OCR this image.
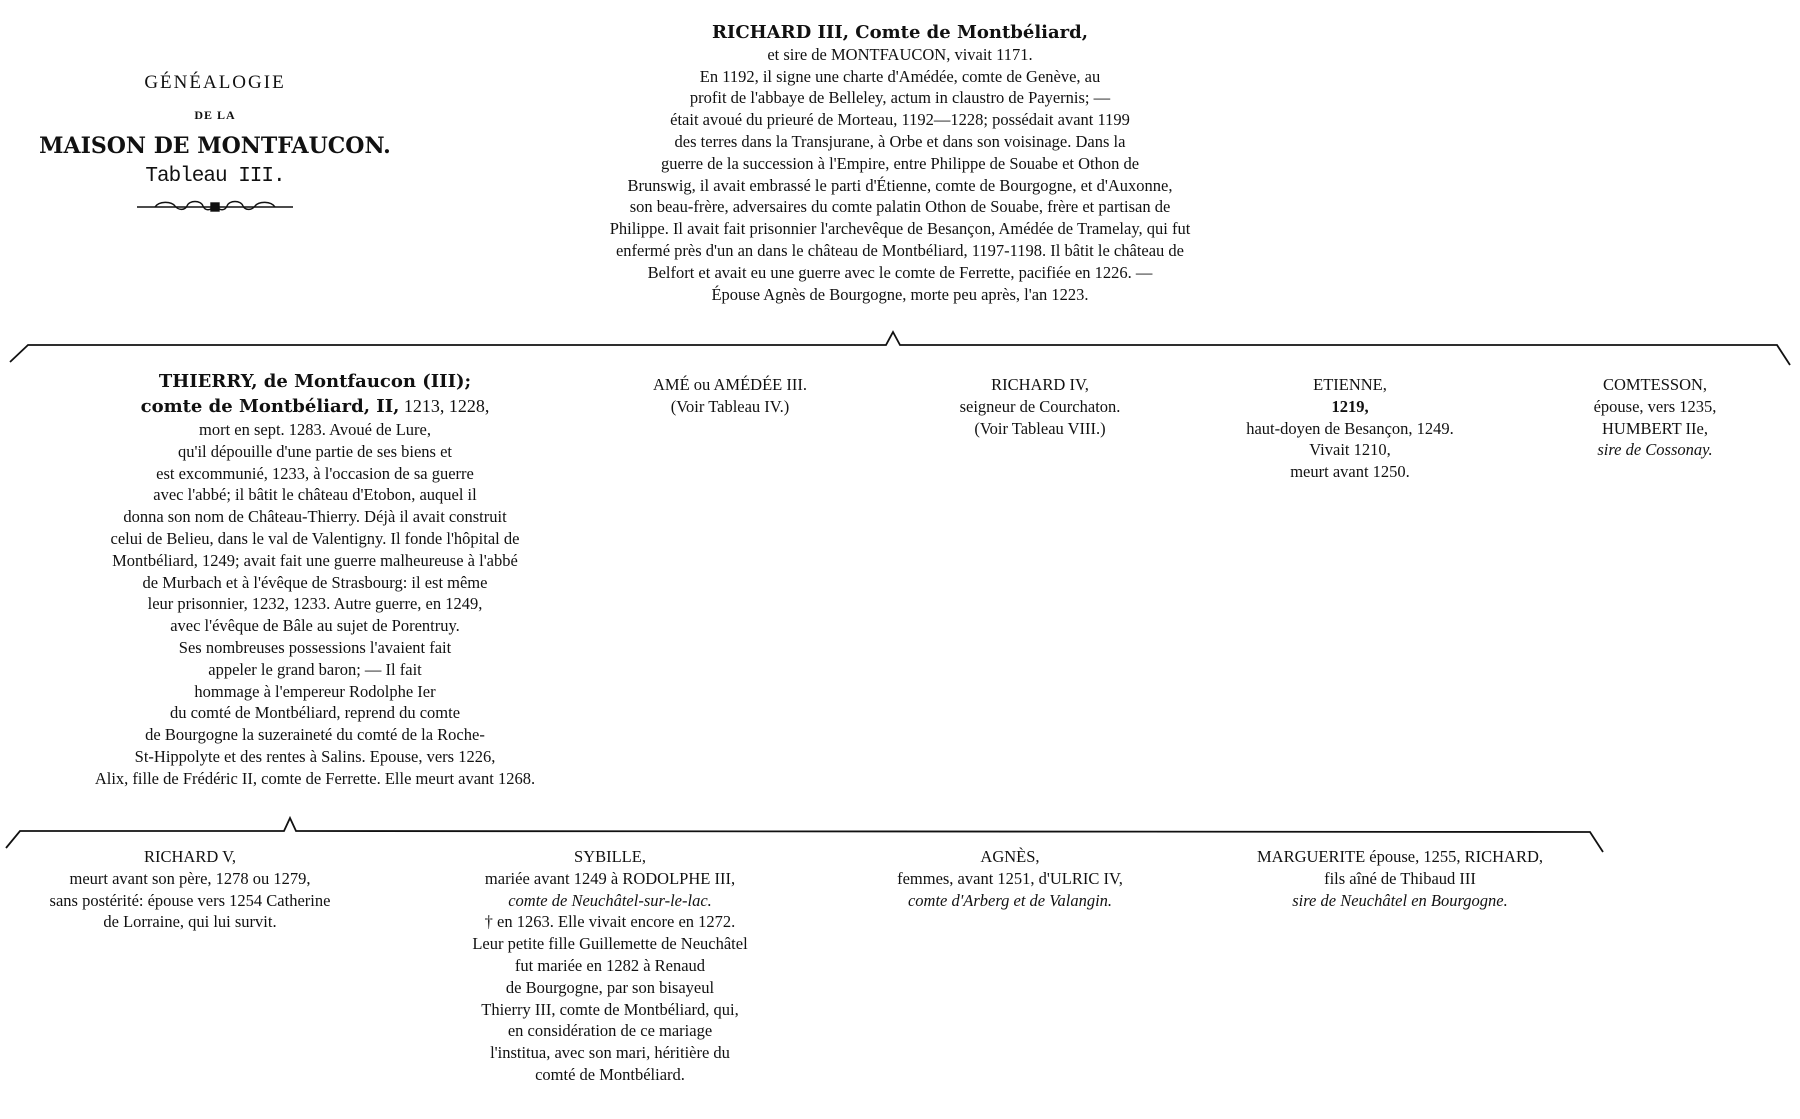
GÉNÉALOGIE
DE LA
MAISON DE MONTFAUCON.
Tableau III.
RICHARD III, Comte de Montbéliard,
et sire de MONTFAUCON, vivait 1171.
En 1192, il signe une charte d'Amédée, comte de Genève, au
profit de l'abbaye de Belleley, actum in claustro de Payernis; —
était avoué du prieuré de Morteau, 1192—1228; possédait avant 1199
des terres dans la Transjurane, à Orbe et dans son voisinage. Dans la
guerre de la succession à l'Empire, entre Philippe de Souabe et Othon de
Brunswig, il avait embrassé le parti d'Étienne, comte de Bourgogne, et d'Auxonne,
son beau-frère, adversaires du comte palatin Othon de Souabe, frère et partisan de
Philippe. Il avait fait prisonnier l'archevêque de Besançon, Amédée de Tramelay, qui fut
enfermé près d'un an dans le château de Montbéliard, 1197-1198. Il bâtit le château de
Belfort et avait eu une guerre avec le comte de Ferrette, pacifiée en 1226. —
Épouse Agnès de Bourgogne, morte peu après, l'an 1223.
THIERRY, de Montfaucon (III);
comte de Montbéliard, II, 1213, 1228,
mort en sept. 1283. Avoué de Lure,
qu'il dépouille d'une partie de ses biens et
est excommunié, 1233, à l'occasion de sa guerre
avec l'abbé; il bâtit le château d'Etobon, auquel il
donna son nom de Château-Thierry. Déjà il avait construit
celui de Belieu, dans le val de Valentigny. Il fonde l'hôpital de
Montbéliard, 1249; avait fait une guerre malheureuse à l'abbé
de Murbach et à l'évêque de Strasbourg: il est même
leur prisonnier, 1232, 1233. Autre guerre, en 1249,
avec l'évêque de Bâle au sujet de Porentruy.
Ses nombreuses possessions l'avaient fait
appeler le grand baron; — Il fait
hommage à l'empereur Rodolphe Ier
du comté de Montbéliard, reprend du comte
de Bourgogne la suzeraineté du comté de la Roche-
St-Hippolyte et des rentes à Salins. Epouse, vers 1226,
Alix, fille de Frédéric II, comte de Ferrette. Elle meurt avant 1268.
AMÉ ou AMÉDÉE III.
(Voir Tableau IV.)
RICHARD IV,
seigneur de Courchaton.
(Voir Tableau VIII.)
ETIENNE,
1219,
haut-doyen de Besançon, 1249.
Vivait 1210,
meurt avant 1250.
COMTESSON,
épouse, vers 1235,
HUMBERT IIe,
sire de Cossonay.
RICHARD V,
meurt avant son père, 1278 ou 1279,
sans postérité: épouse vers 1254 Catherine
de Lorraine, qui lui survit.
SYBILLE,
mariée avant 1249 à RODOLPHE III,
comte de Neuchâtel-sur-le-lac.
† en 1263. Elle vivait encore en 1272.
Leur petite fille Guillemette de Neuchâtel
fut mariée en 1282 à Renaud
de Bourgogne, par son bisayeul
Thierry III, comte de Montbéliard, qui,
en considération de ce mariage
l'institua, avec son mari, héritière du
comté de Montbéliard.
AGNÈS,
femmes, avant 1251, d'ULRIC IV,
comte d'Arberg et de Valangin.
MARGUERITE épouse, 1255, RICHARD,
fils aîné de Thibaud III
sire de Neuchâtel en Bourgogne.
